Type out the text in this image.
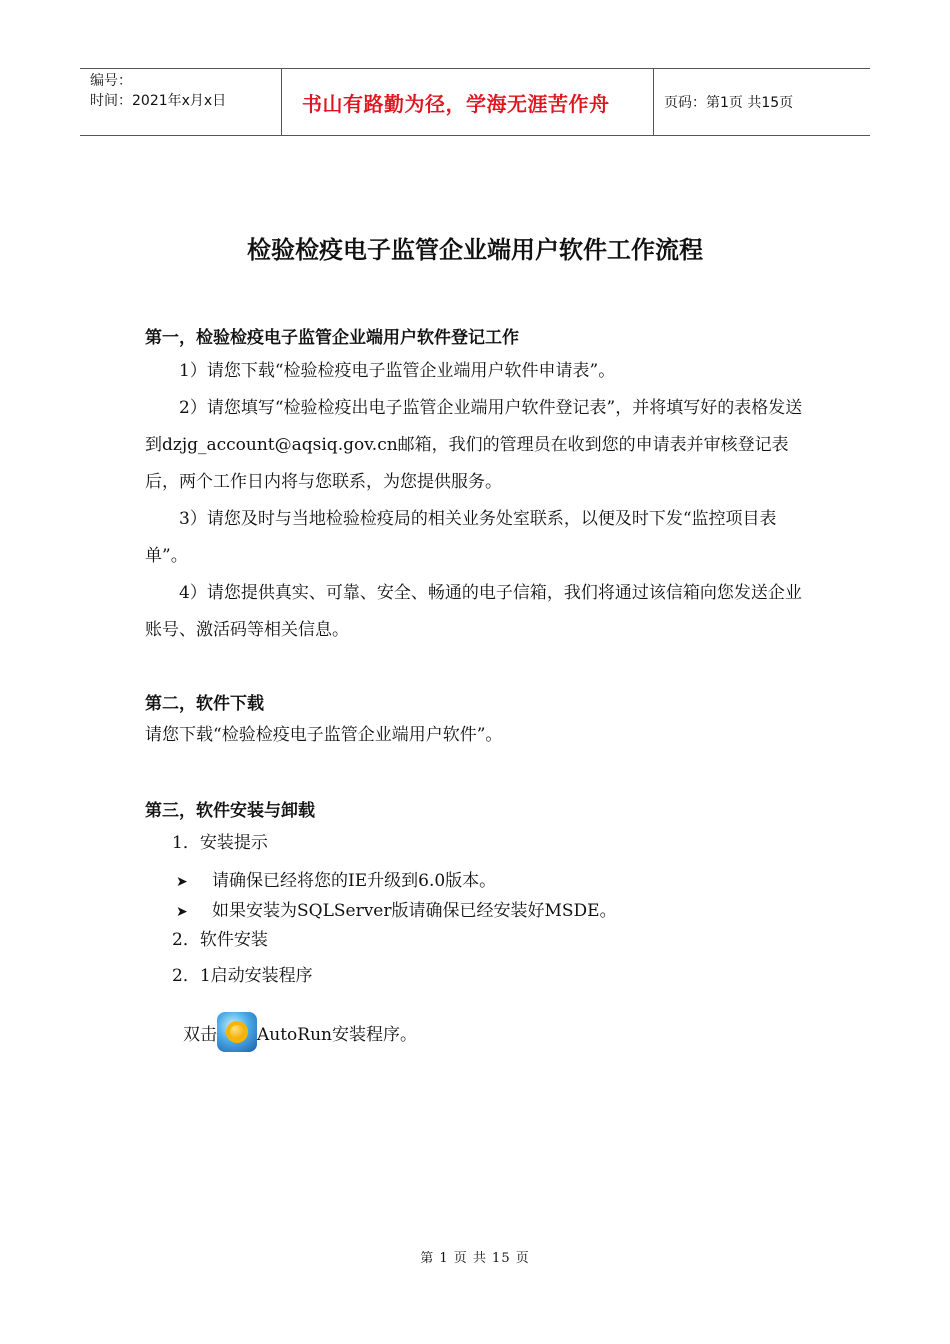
编号：
时间：2021年x月x日	书山有路勤为径，学海无涯苦作舟	页码：第1页 共15页
检验检疫电子监管企业端用户软件工作流程
第一，检验检疫电子监管企业端用户软件登记工作
1）请您下载“检验检疫电子监管企业端用户软件申请表”。
2）请您填写“检验检疫出电子监管企业端用户软件登记表”，并将填写好的表格发送到dzjg_account@aqsiq.gov.cn邮箱，我们的管理员在收到您的申请表并审核登记表后，两个工作日内将与您联系，为您提供服务。
3）请您及时与当地检验检疫局的相关业务处室联系，以便及时下发“监控项目表单”。
4）请您提供真实、可靠、安全、畅通的电子信箱，我们将通过该信箱向您发送企业账号、激活码等相关信息。
第二，软件下载
请您下载“检验检疫电子监管企业端用户软件”。
第三，软件安装与卸载
1．安装提示
➤ 请确保已经将您的IE升级到6.0版本。
➤ 如果安装为SQLServer版请确保已经安装好MSDE。
2．软件安装
2．1启动安装程序
双击 AutoRun安装程序。
第 1 页 共 15 页
